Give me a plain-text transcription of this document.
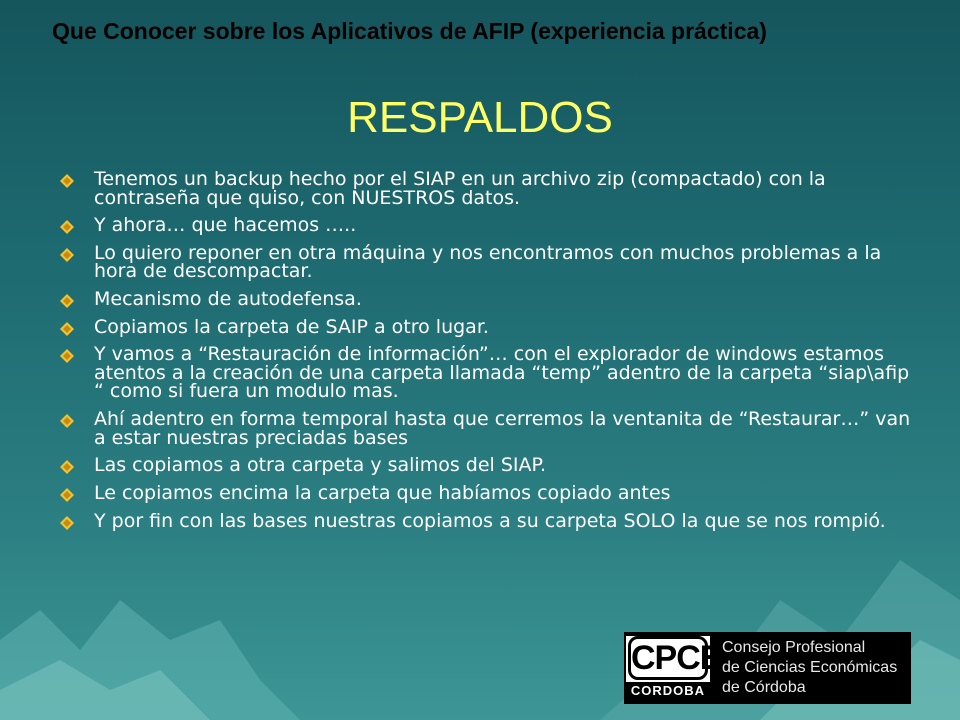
Que Conocer sobre los Aplicativos de AFIP (experiencia práctica)

RESPALDOS
Tenemos un backup hecho por el SIAP en un archivo zip (compactado) con la contraseña que quiso, con NUESTROS datos.
Y ahora… que hacemos …..
Lo quiero reponer en otra máquina y nos encontramos con muchos problemas a la hora de descompactar.
Mecanismo de autodefensa.
Copiamos la carpeta de SAIP a otro lugar.
Y vamos a “Restauración de información”… con el explorador de windows estamos atentos a la creación de una carpeta llamada “temp” adentro de la carpeta “siap\afip “ como si fuera un modulo mas.
Ahí adentro en forma temporal hasta que cerremos la ventanita de “Restaurar…” van a estar nuestras preciadas bases
Las copiamos a otra carpeta y salimos del SIAP.
Le copiamos encima la carpeta que habíamos copiado antes
Y por fin con las bases nuestras copiamos a su carpeta SOLO la que se nos rompió.
CPCE
CORDOBA
Consejo Profesional
de Ciencias Económicas
de Córdoba
